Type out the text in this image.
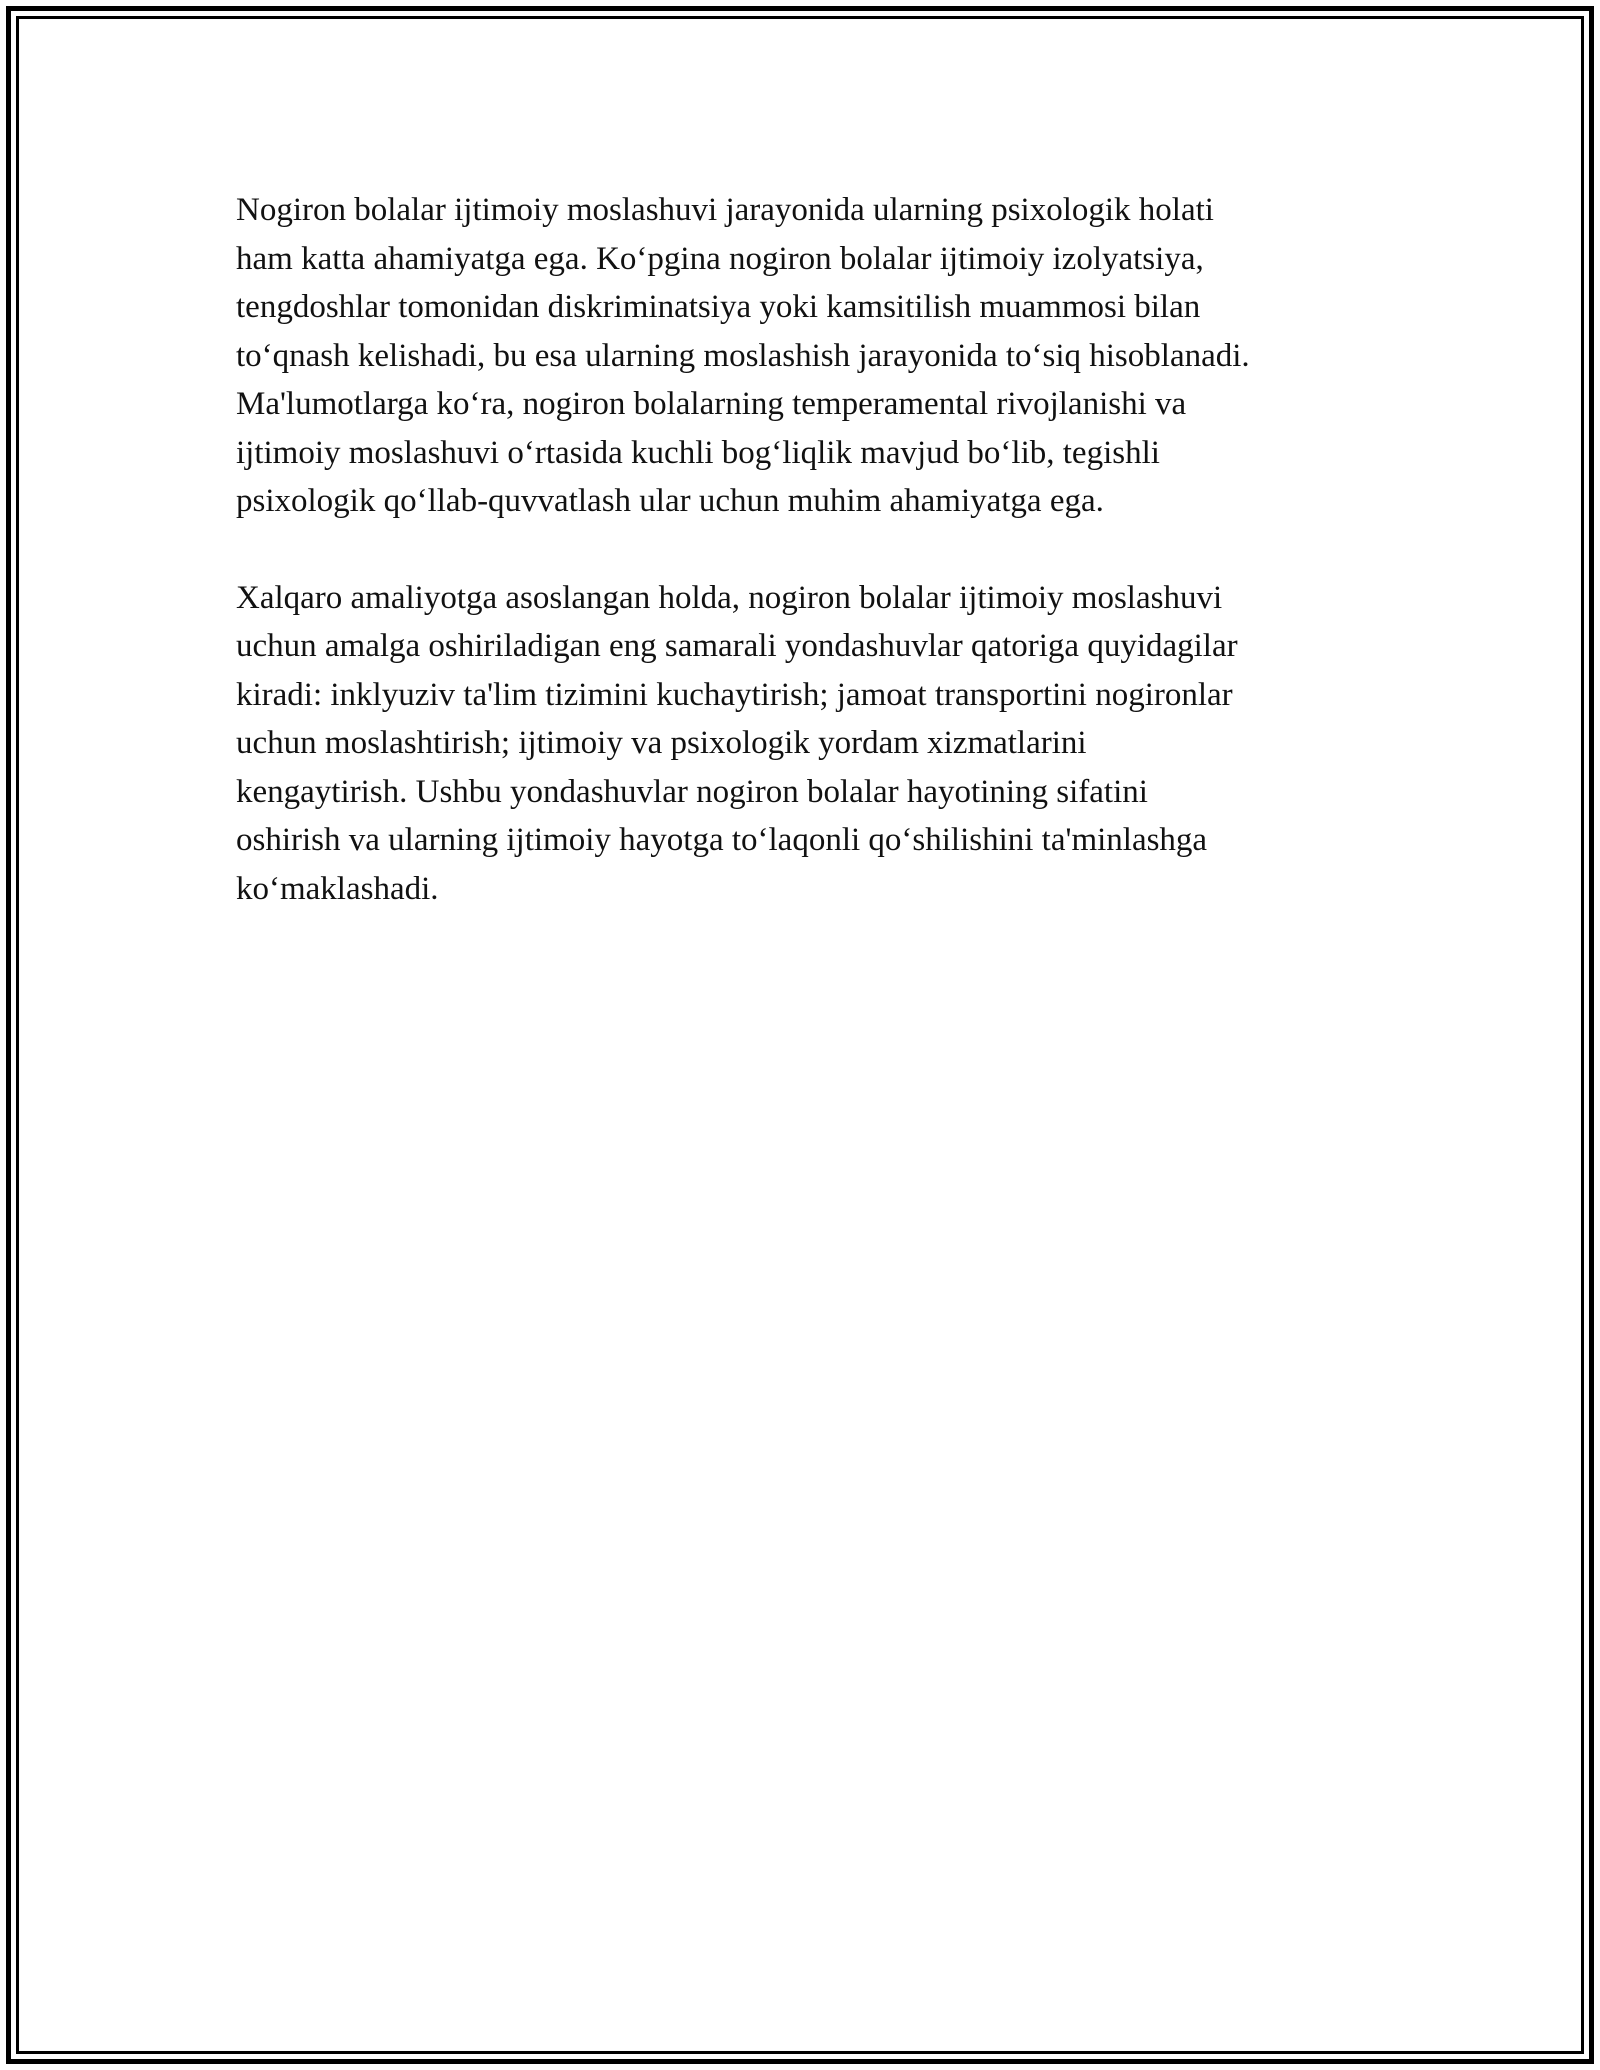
Nogiron bolalar ijtimoiy moslashuvi jarayonida ularning psixologik holati
ham katta ahamiyatga ega. Ko‘pgina nogiron bolalar ijtimoiy izolyatsiya,
tengdoshlar tomonidan diskriminatsiya yoki kamsitilish muammosi bilan
to‘qnash kelishadi, bu esa ularning moslashish jarayonida to‘siq hisoblanadi.
Ma'lumotlarga ko‘ra, nogiron bolalarning temperamental rivojlanishi va
ijtimoiy moslashuvi o‘rtasida kuchli bog‘liqlik mavjud bo‘lib, tegishli
psixologik qo‘llab-quvvatlash ular uchun muhim ahamiyatga ega.

Xalqaro amaliyotga asoslangan holda, nogiron bolalar ijtimoiy moslashuvi
uchun amalga oshiriladigan eng samarali yondashuvlar qatoriga quyidagilar
kiradi: inklyuziv ta'lim tizimini kuchaytirish; jamoat transportini nogironlar
uchun moslashtirish; ijtimoiy va psixologik yordam xizmatlarini
kengaytirish. Ushbu yondashuvlar nogiron bolalar hayotining sifatini
oshirish va ularning ijtimoiy hayotga to‘laqonli qo‘shilishini ta'minlashga
ko‘maklashadi.
